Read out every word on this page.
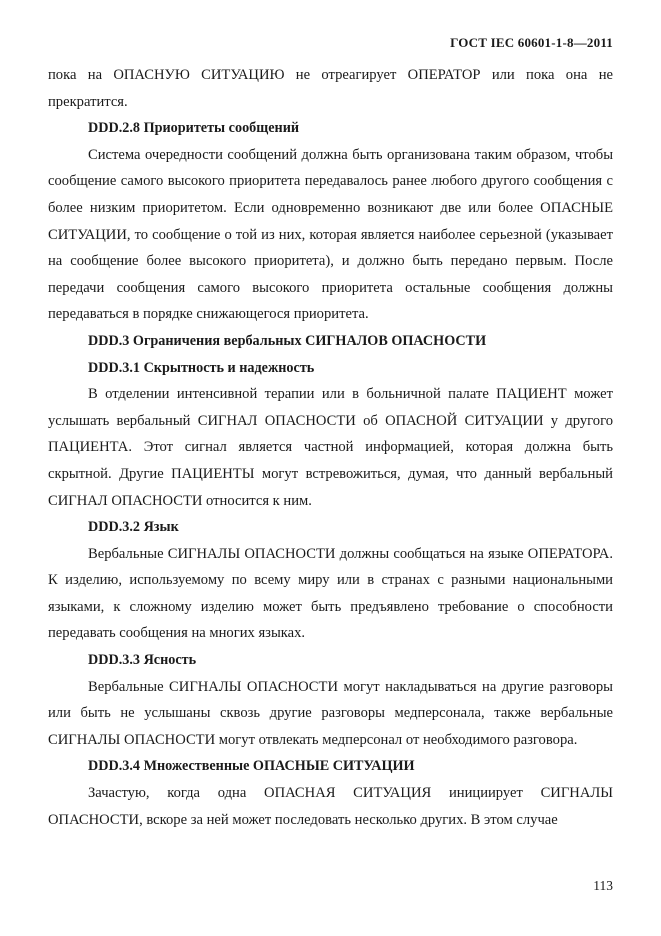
ГОСТ IEC 60601-1-8—2011

пока на ОПАСНУЮ СИТУАЦИЮ не отреагирует ОПЕРАТОР или пока она не прекратится.

DDD.2.8 Приоритеты сообщений

Система очередности сообщений должна быть организована таким образом, чтобы сообщение самого высокого приоритета передавалось ранее любого другого сообщения с более низким приоритетом. Если одновременно возникают две или более ОПАСНЫЕ СИТУАЦИИ, то сообщение о той из них, которая является наиболее серьезной (указывает на сообщение более высокого приоритета), и должно быть передано первым. После передачи сообщения самого высокого приоритета остальные сообщения должны передаваться в порядке снижающегося приоритета.

DDD.3 Ограничения вербальных СИГНАЛОВ ОПАСНОСТИ

DDD.3.1 Скрытность и надежность

В отделении интенсивной терапии или в больничной палате ПАЦИЕНТ может услышать вербальный СИГНАЛ ОПАСНОСТИ об ОПАСНОЙ СИТУАЦИИ у другого ПАЦИЕНТА. Этот сигнал является частной информацией, которая должна быть скрытной. Другие ПАЦИЕНТЫ могут встревожиться, думая, что данный вербальный СИГНАЛ ОПАСНОСТИ относится к ним.

DDD.3.2 Язык

Вербальные СИГНАЛЫ ОПАСНОСТИ должны сообщаться на языке ОПЕРАТОРА. К изделию, используемому по всему миру или в странах с разными национальными языками, к сложному изделию может быть предъявлено требование о способности передавать сообщения на многих языках.

DDD.3.3 Ясность

Вербальные СИГНАЛЫ ОПАСНОСТИ могут накладываться на другие разговоры или быть не услышаны сквозь другие разговоры медперсонала, также вербальные СИГНАЛЫ ОПАСНОСТИ могут отвлекать медперсонал от необходимого разговора.

DDD.3.4 Множественные ОПАСНЫЕ СИТУАЦИИ

Зачастую, когда одна ОПАСНАЯ СИТУАЦИЯ инициирует СИГНАЛЫ ОПАСНОСТИ, вскоре за ней может последовать несколько других. В этом случае

113
